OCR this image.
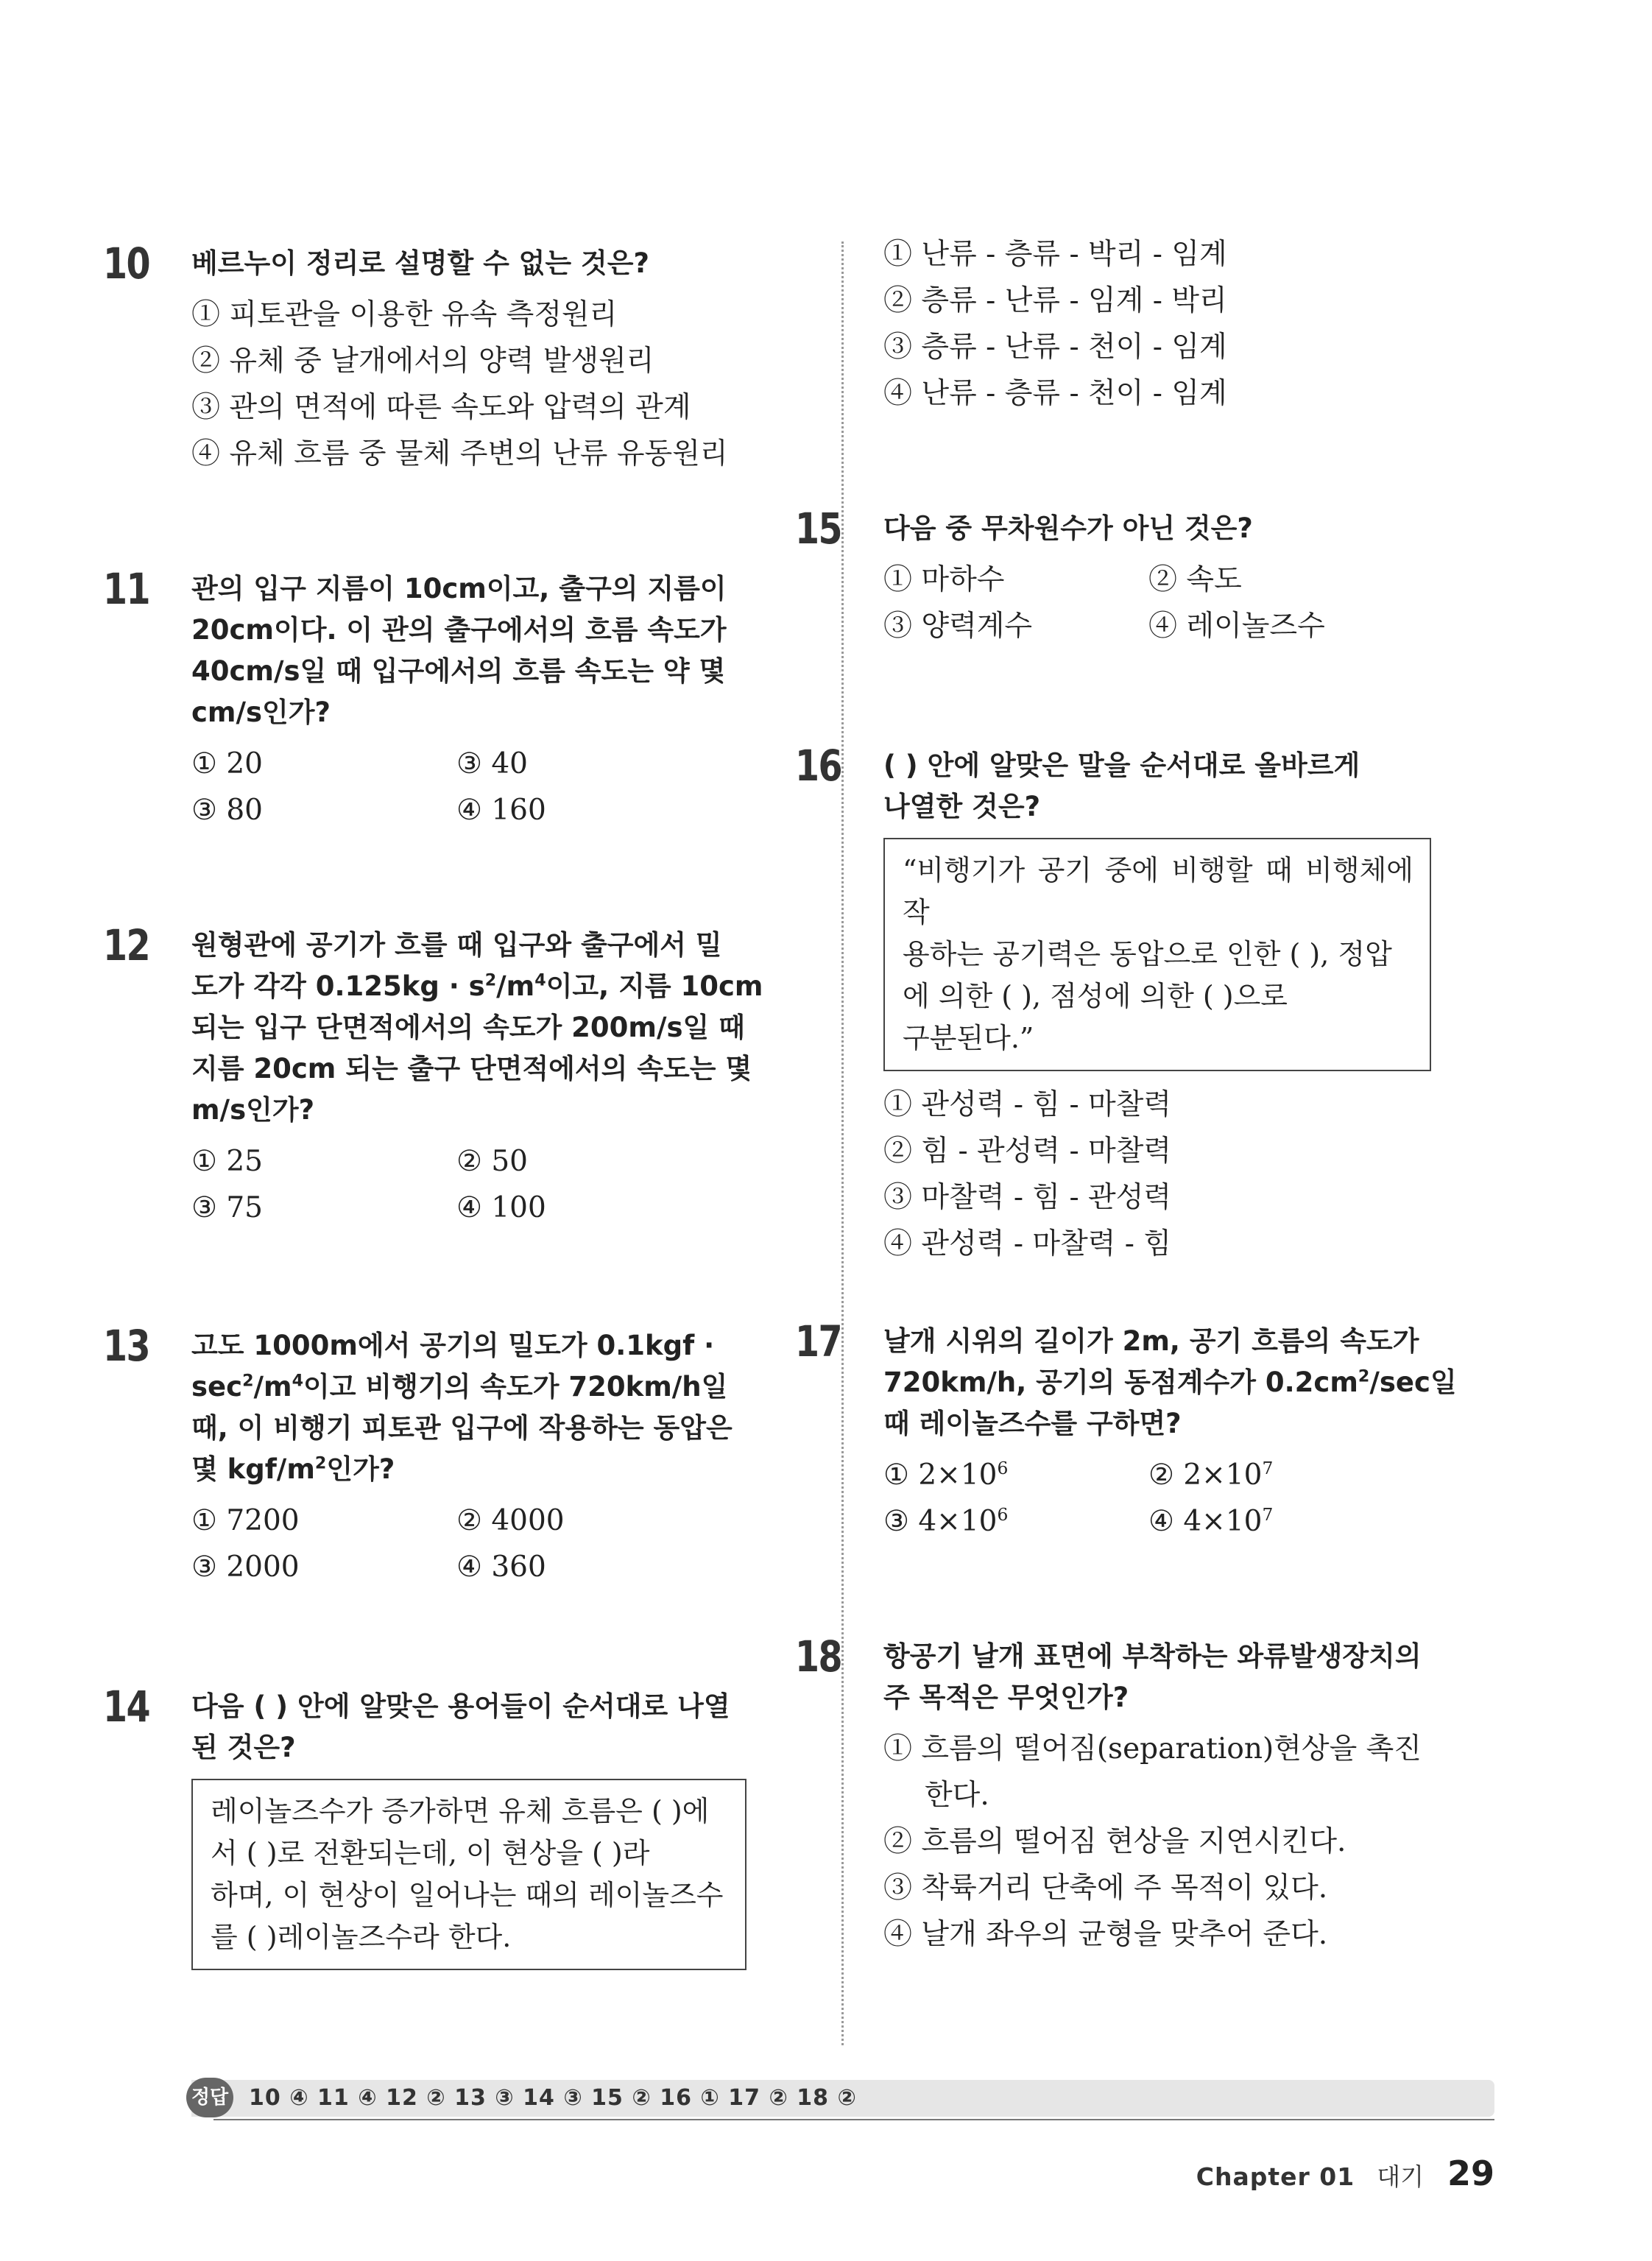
10 베르누이 정리로 설명할 수 없는 것은?
① 피토관을 이용한 유속 측정원리
② 유체 중 날개에서의 양력 발생원리
③ 관의 면적에 따른 속도와 압력의 관계
④ 유체 흐름 중 물체 주변의 난류 유동원리
11 관의 입구 지름이 10cm이고, 출구의 지름이
20cm이다. 이 관의 출구에서의 흐름 속도가
40cm/s일 때 입구에서의 흐름 속도는 약 몇
cm/s인가?
① 20	③ 40
③ 80	④ 160
12 원형관에 공기가 흐를 때 입구와 출구에서 밀
도가 각각 $0.125kg \cdot s^2/m^4$이고, 지름 10cm
되는 입구 단면적에서의 속도가 200m/s일 때
지름 20cm 되는 출구 단면적에서의 속도는 몇
m/s인가?
① 25	② 50
③ 75	④ 100
13 고도 1000m에서 공기의 밀도가 0.1kgf ·
$\sec^2/m^4$이고 비행기의 속도가 720km/h일
때, 이 비행기 피토관 입구에 작용하는 동압은
몇 kgf/$m^2$인가?
① 7200	② 4000
③ 2000	④ 360
14 다음 ( ) 안에 알맞은 용어들이 순서대로 나열
된 것은?
레이놀즈수가 증가하면 유체 흐름은 ( )에
서 ( )로 전환되는데, 이 현상을 ( )라
하며, 이 현상이 일어나는 때의 레이놀즈수
를 ( )레이놀즈수라 한다.
① 난류 - 층류 - 박리 - 임계
② 층류 - 난류 - 임계 - 박리
③ 층류 - 난류 - 천이 - 임계
④ 난류 - 층류 - 천이 - 임계
15 다음 중 무차원수가 아닌 것은?
① 마하수	② 속도
③ 양력계수	④ 레이놀즈수
16 ( ) 안에 알맞은 말을 순서대로 올바르게
나열한 것은?
“비행기가 공기 중에 비행할 때 비행체에 작
용하는 공기력은 동압으로 인한 ( ), 정압
에 의한 ( ), 점성에 의한 ( )으로
구분된다.”
① 관성력 - 힘 - 마찰력
② 힘 - 관성력 - 마찰력
③ 마찰력 - 힘 - 관성력
④ 관성력 - 마찰력 - 힘
17 날개 시위의 길이가 2m, 공기 흐름의 속도가
720km/h, 공기의 동점계수가 $0.2cm^2/\sec$일
때 레이놀즈수를 구하면?
① $2\times 10^6$	② $2\times 10^7$
③ $4\times 10^6$	④ $4\times 10^7$
18 항공기 날개 표면에 부착하는 와류발생장치의
주 목적은 무엇인가?
① 흐름의 떨어짐(separation)현상을 촉진
한다.
② 흐름의 떨어짐 현상을 지연시킨다.
③ 착륙거리 단축에 주 목적이 있다.
④ 날개 좌우의 균형을 맞추어 준다.
정답 10 ④ 11 ④ 12 ② 13 ③ 14 ③ 15 ② 16 ① 17 ② 18 ②
Chapter 01 대기 29
